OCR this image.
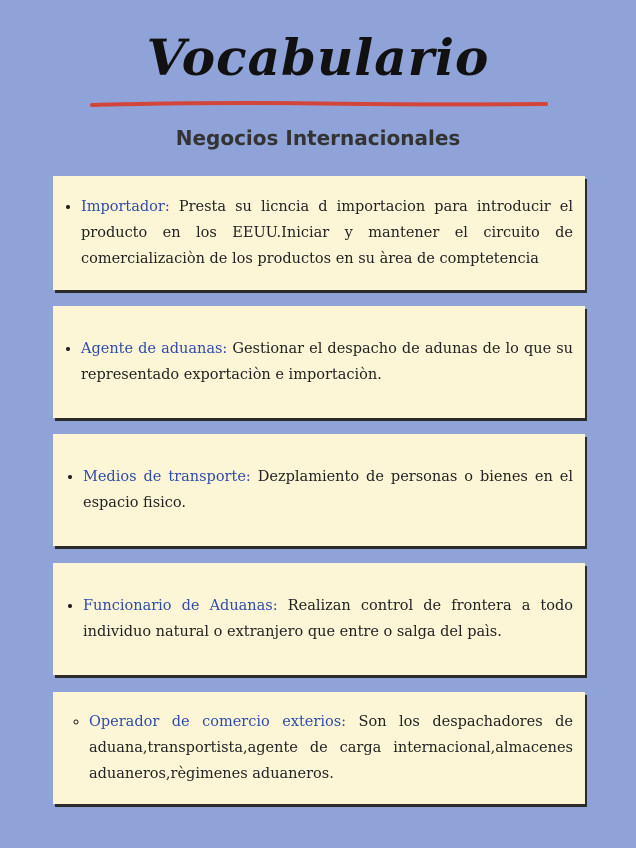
Vocabulario
Negocios Internacionales
• Importador: Presta su licncia d importacion para introducir el producto en los EEUU.Iniciar y mantener el circuito de comercializaciòn de los productos en su àrea de comptetencia
• Agente de aduanas: Gestionar el despacho de adunas de lo que su representado exportaciòn e importaciòn.
• Medios de transporte: Dezplamiento de personas o bienes en el espacio fisico.
• Funcionario de Aduanas: Realizan control de frontera a todo individuo natural o extranjero que entre o salga del paìs.
◦ Operador de comercio exterios: Son los despachadores de aduana,transportista,agente de carga internacional,almacenes aduaneros,règimenes aduaneros.
